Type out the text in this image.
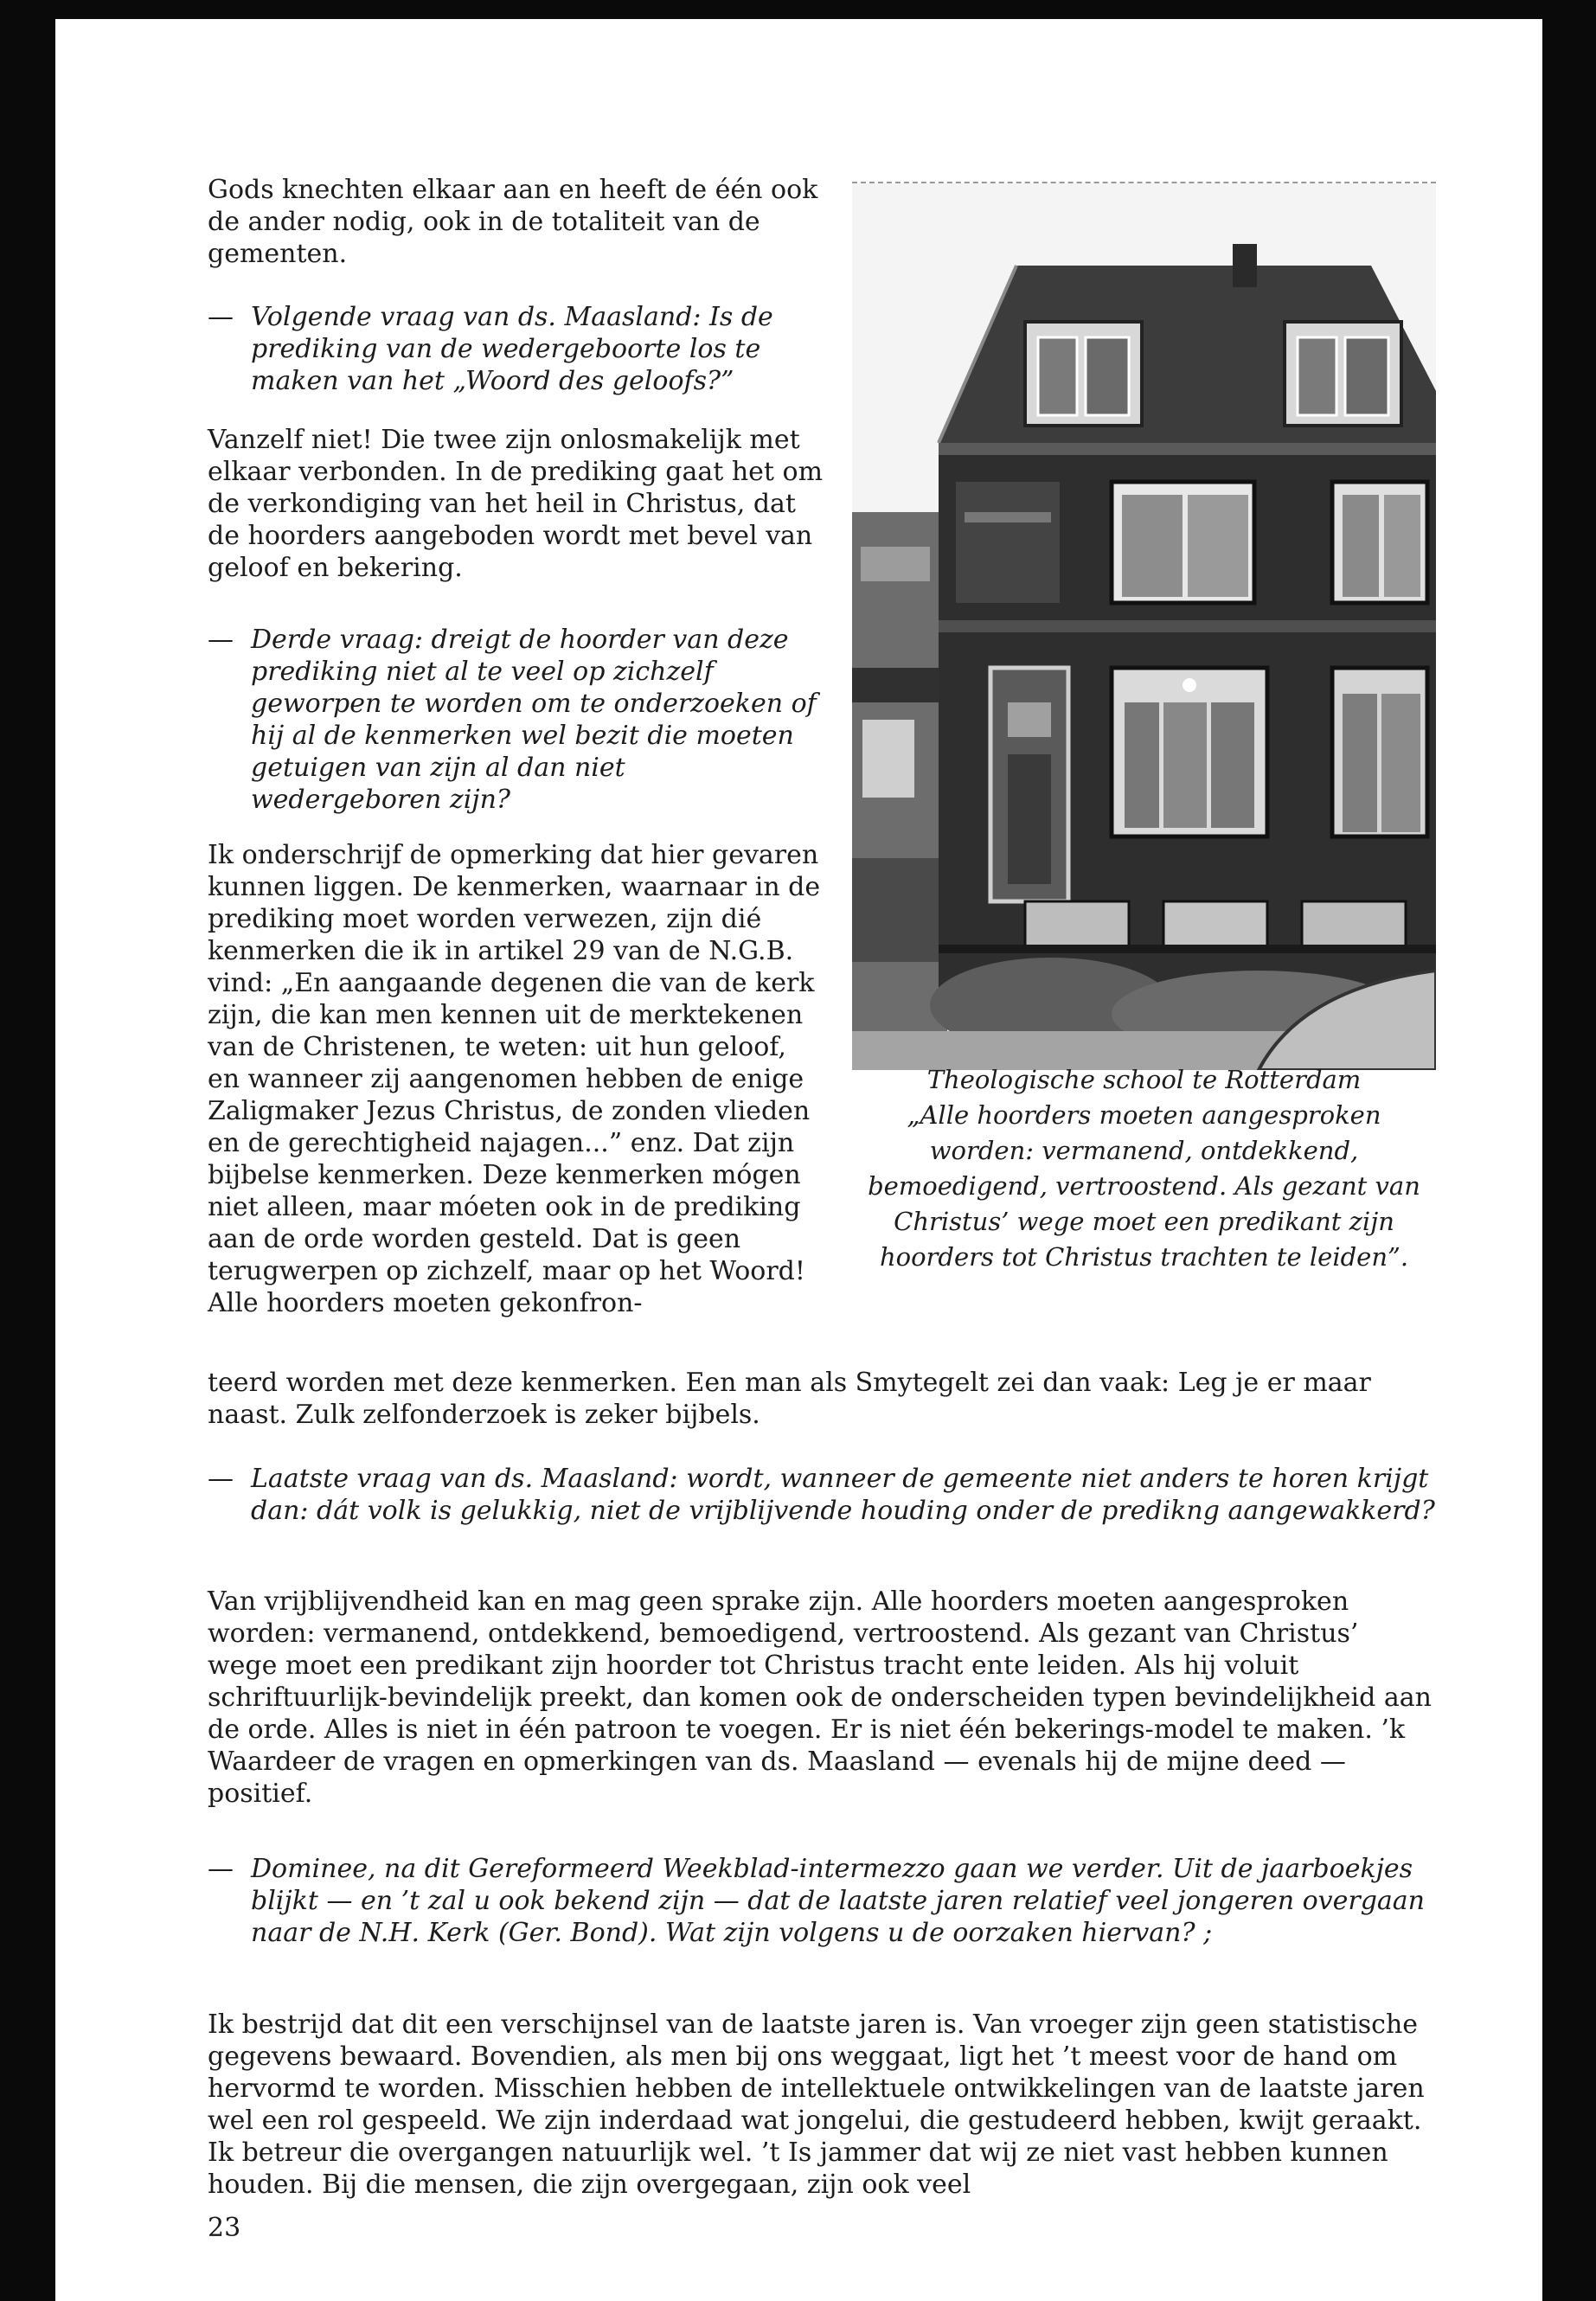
Gods knechten elkaar aan en heeft de één ook de ander nodig, ook in de totaliteit van de gementen.

— Volgende vraag van ds. Maasland: Is de prediking van de wedergeboorte los te maken van het „Woord des geloofs?”

Vanzelf niet! Die twee zijn onlosmakelijk met elkaar verbonden. In de prediking gaat het om de verkondiging van het heil in Christus, dat de hoorders aangeboden wordt met bevel van geloof en bekering.

— Derde vraag: dreigt de hoorder van deze prediking niet al te veel op zichzelf geworpen te worden om te onderzoeken of hij al de kenmerken wel bezit die moeten getuigen van zijn al dan niet wedergeboren zijn?

Ik onderschrijf de opmerking dat hier gevaren kunnen liggen. De kenmerken, waarnaar in de prediking moet worden verwezen, zijn dié kenmerken die ik in artikel 29 van de N.G.B. vind: „En aangaande degenen die van de kerk zijn, die kan men kennen uit de merktekenen van de Christenen, te weten: uit hun geloof, en wanneer zij aangenomen hebben de enige Zaligmaker Jezus Christus, de zonden vlieden en de gerechtigheid najagen...” enz. Dat zijn bijbelse kenmerken. Deze kenmerken mógen niet alleen, maar móeten ook in de prediking aan de orde worden gesteld. Dat is geen terugwerpen op zichzelf, maar op het Woord! Alle hoorders moeten gekonfron-

teerd worden met deze kenmerken. Een man als Smytegelt zei dan vaak: Leg je er maar naast. Zulk zelfonderzoek is zeker bijbels.

Theologische school te Rotterdam
„Alle hoorders moeten aangesproken worden: vermanend, ontdekkend, bemoedigend, vertroostend. Als gezant van Christus’ wege moet een predikant zijn hoorders tot Christus trachten te leiden”.
— Laatste vraag van ds. Maasland: wordt, wanneer de gemeente niet anders te horen krijgt dan: dát volk is gelukkig, niet de vrijblijvende houding onder de predikng aangewakkerd?

Van vrijblijvendheid kan en mag geen sprake zijn. Alle hoorders moeten aangesproken worden: vermanend, ontdekkend, bemoedigend, vertroostend. Als gezant van Christus’ wege moet een predikant zijn hoorder tot Christus tracht ente leiden. Als hij voluit schriftuurlijk-bevindelijk preekt, dan komen ook de onderscheiden typen bevindelijkheid aan de orde. Alles is niet in één patroon te voegen. Er is niet één bekerings-model te maken. ’k Waardeer de vragen en opmerkingen van ds. Maasland — evenals hij de mijne deed — positief.

— Dominee, na dit Gereformeerd Weekblad-intermezzo gaan we verder. Uit de jaarboekjes blijkt — en ’t zal u ook bekend zijn — dat de laatste jaren relatief veel jongeren overgaan naar de N.H. Kerk (Ger. Bond). Wat zijn volgens u de oorzaken hiervan? ;

Ik bestrijd dat dit een verschijnsel van de laatste jaren is. Van vroeger zijn geen statistische gegevens bewaard. Bovendien, als men bij ons weggaat, ligt het ’t meest voor de hand om hervormd te worden. Misschien hebben de intellektuele ontwikkelingen van de laatste jaren wel een rol gespeeld. We zijn inderdaad wat jongelui, die gestudeerd hebben, kwijt geraakt. Ik betreur die overgangen natuurlijk wel. ’t Is jammer dat wij ze niet vast hebben kunnen houden. Bij die mensen, die zijn overgegaan, zijn ook veel

23
